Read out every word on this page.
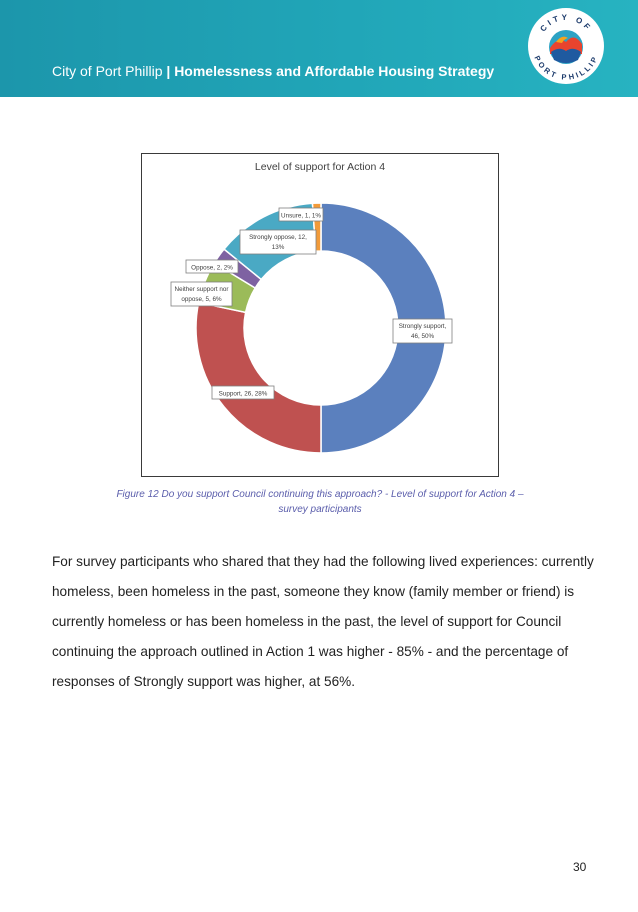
City of Port Phillip | Homelessness and Affordable Housing Strategy
CITY OF
PORT PHILLIP
Level of support for Action 4
Strongly support,
46, 50%
Support, 26, 28%
Neither support nor
oppose, 5, 6%
Oppose, 2, 2%
Strongly oppose, 12,
13%
Unsure, 1, 1%
Figure 12 Do you support Council continuing this approach? - Level of support for Action 4 –
survey participants
For survey participants who shared that they had the following lived experiences: currently homeless, been homeless in the past, someone they know (family member or friend) is currently homeless or has been homeless in the past, the level of support for Council continuing the approach outlined in Action 1 was higher - 85% - and the percentage of responses of Strongly support was higher, at 56%.
30
